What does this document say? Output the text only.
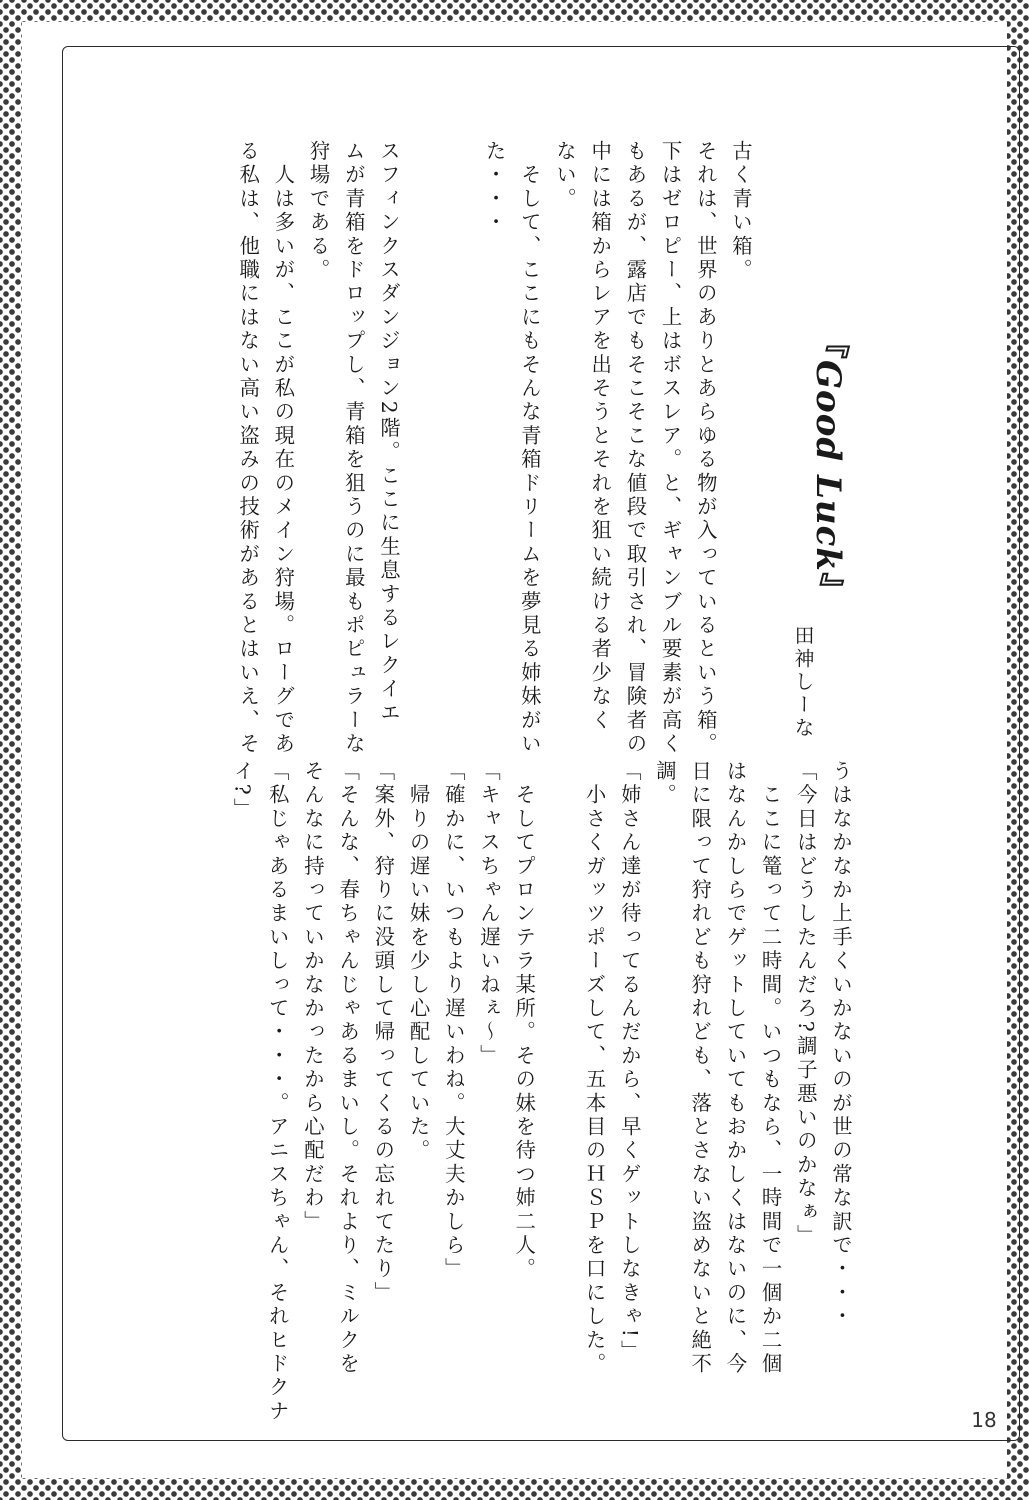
『Good Luck』
田神しーな

古く青い箱。

それは、世界のありとあらゆる物が入っているという箱。

下はゼロピー、上はボスレア。と、ギャンブル要素が高く

もあるが、露店でもそこそこな値段で取引され、冒険者の

中には箱からレアを出そうとそれを狙い続ける者少なく

ない。

　そして、ここにもそんな青箱ドリームを夢見る姉妹がい

た・・・

スフィンクスダンジョン2階。ここに生息するレクイエ

ムが青箱をドロップし、青箱を狙うのに最もポピュラーな

狩場である。

　人は多いが、ここが私の現在のメイン狩場。ローグであ

る私は、他職にはない高い盗みの技術があるとはいえ、そ

うはなかなか上手くいかないのが世の常な訳で・・・

「今日はどうしたんだろ?調子悪いのかなぁ」

　ここに篭って二時間。いつもなら、一時間で一個か二個

はなんかしらでゲットしていてもおかしくはないのに、今

日に限って狩れども狩れども、落とさない盗めないと絶不

調。

「姉さん達が待ってるんだから、早くゲットしなきゃ!」

　小さくガッツポーズして、五本目のＨＳＰを口にした。

　そしてプロンテラ某所。その妹を待つ姉二人。

「キャスちゃん遅いねぇ〜」

「確かに、いつもより遅いわね。大丈夫かしら」

　帰りの遅い妹を少し心配していた。

「案外、狩りに没頭して帰ってくるの忘れてたり」

「そんな、春ちゃんじゃあるまいし。それより、ミルクを

そんなに持っていかなかったから心配だわ」

「私じゃあるまいしって・・・。アニスちゃん、それヒドクナ

イ?」

18
